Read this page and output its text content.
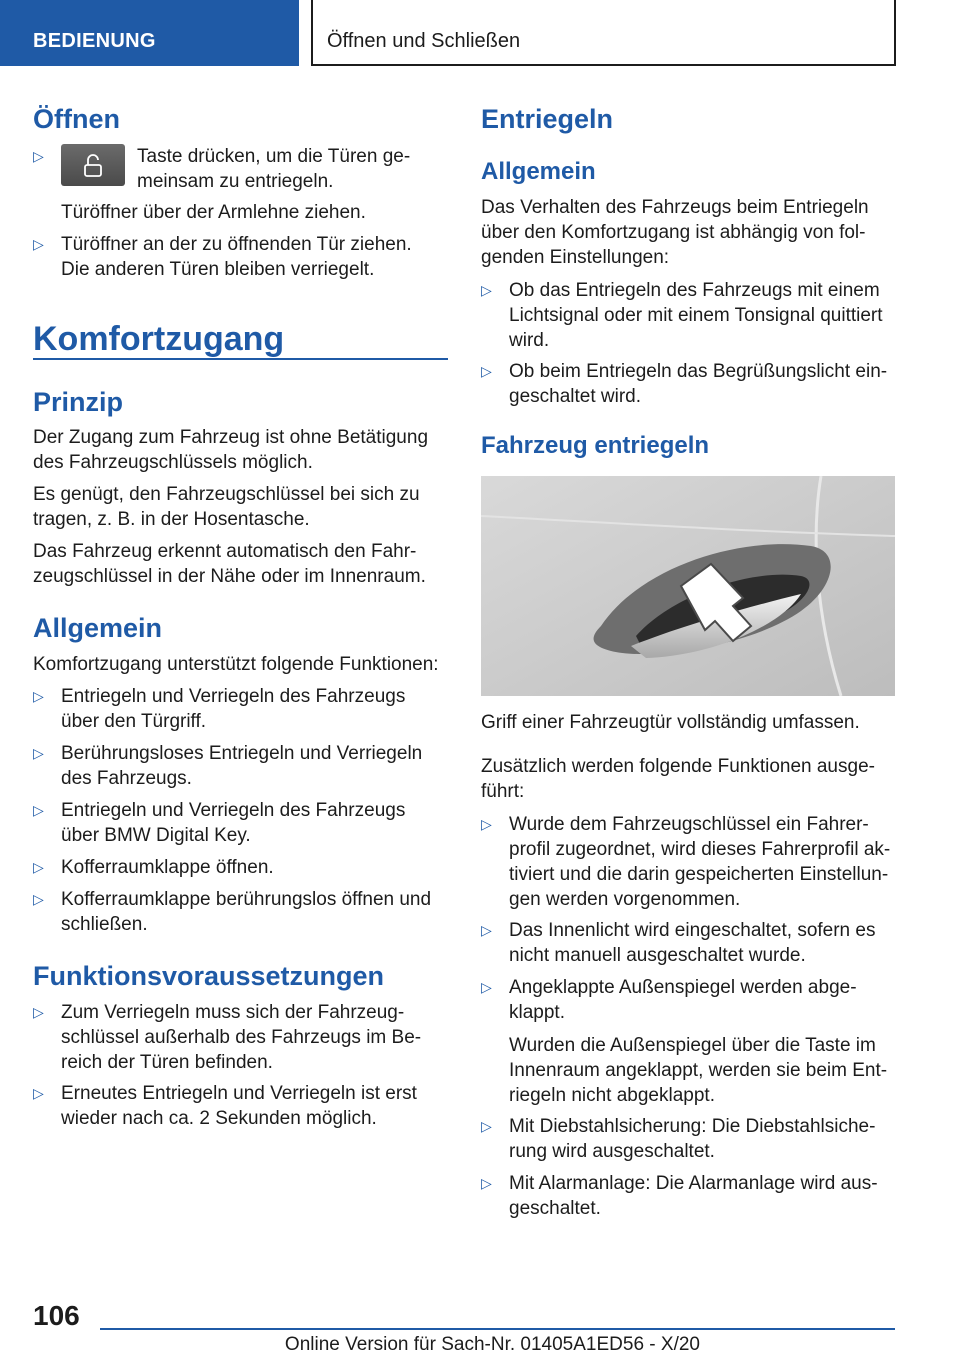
BEDIENUNG	Öffnen und Schließen
Öffnen
▷	Taste drücken, um die Türen ge-
meinsam zu entriegeln.
Türöffner über der Armlehne ziehen.
▷ Türöffner an der zu öffnenden Tür ziehen.
Die anderen Türen bleiben verriegelt.
Komfortzugang
Prinzip
Der Zugang zum Fahrzeug ist ohne Betätigung
des Fahrzeugschlüssels möglich.
Es genügt, den Fahrzeugschlüssel bei sich zu
tragen, z. B. in der Hosentasche.
Das Fahrzeug erkennt automatisch den Fahr-
zeugschlüssel in der Nähe oder im Innenraum.
Allgemein
Komfortzugang unterstützt folgende Funktionen:
▷ Entriegeln und Verriegeln des Fahrzeugs
über den Türgriff.
▷ Berührungsloses Entriegeln und Verriegeln
des Fahrzeugs.
▷ Entriegeln und Verriegeln des Fahrzeugs
über BMW Digital Key.
▷ Kofferraumklappe öffnen.
▷ Kofferraumklappe berührungslos öffnen und
schließen.
Funktionsvoraussetzungen
▷ Zum Verriegeln muss sich der Fahrzeug-
schlüssel außerhalb des Fahrzeugs im Be-
reich der Türen befinden.
▷ Erneutes Entriegeln und Verriegeln ist erst
wieder nach ca. 2 Sekunden möglich.
Entriegeln
Allgemein
Das Verhalten des Fahrzeugs beim Entriegeln
über den Komfortzugang ist abhängig von fol-
genden Einstellungen:
▷ Ob das Entriegeln des Fahrzeugs mit einem
Lichtsignal oder mit einem Tonsignal quittiert
wird.
▷ Ob beim Entriegeln das Begrüßungslicht ein-
geschaltet wird.
Fahrzeug entriegeln
Griff einer Fahrzeugtür vollständig umfassen.
Zusätzlich werden folgende Funktionen ausge-
führt:
▷ Wurde dem Fahrzeugschlüssel ein Fahrer-
profil zugeordnet, wird dieses Fahrerprofil ak-
tiviert und die darin gespeicherten Einstellun-
gen werden vorgenommen.
▷ Das Innenlicht wird eingeschaltet, sofern es
nicht manuell ausgeschaltet wurde.
▷ Angeklappte Außenspiegel werden abge-
klappt.
Wurden die Außenspiegel über die Taste im
Innenraum angeklappt, werden sie beim Ent-
riegeln nicht abgeklappt.
▷ Mit Diebstahlsicherung: Die Diebstahlsiche-
rung wird ausgeschaltet.
▷ Mit Alarmanlage: Die Alarmanlage wird aus-
geschaltet.
106
Online Version für Sach-Nr. 01405A1ED56 - X/20
